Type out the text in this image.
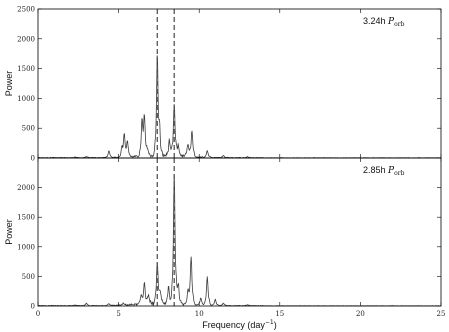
0
500
1000
1500
2000
2500
Power
3.24h $P_{orb}$
0
500
1000
1500
2000
Power
2.85h $P_{orb}$
0	5	10	15	20	25
Frequency (day$^{-1}$)
